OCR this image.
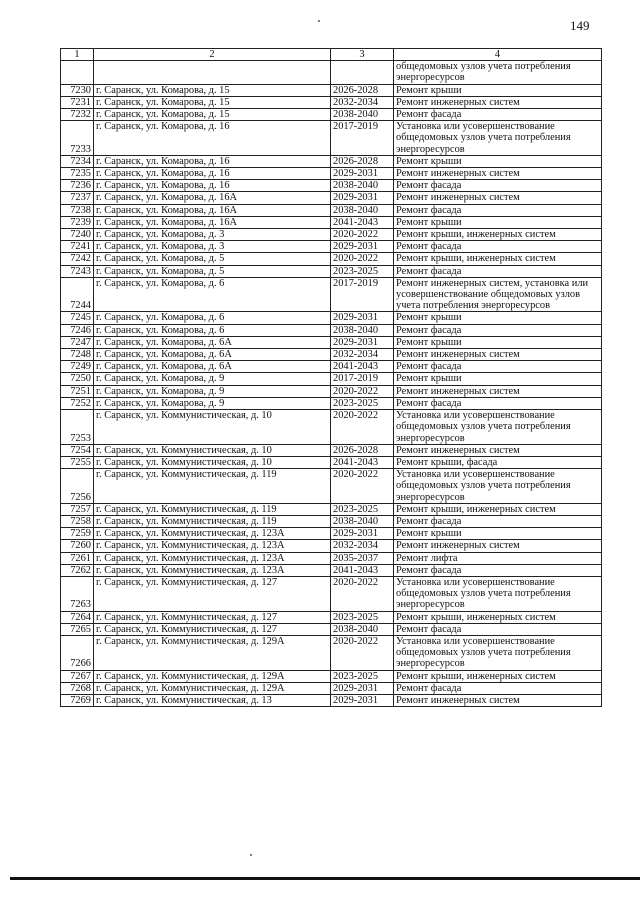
149
1	2	3	4
			общедомовых узлов учета потребления энергоресурсов
7230	г. Саранск, ул. Комарова, д. 15	2026-2028	Ремонт крыши
7231	г. Саранск, ул. Комарова, д. 15	2032-2034	Ремонт инженерных систем
7232	г. Саранск, ул. Комарова, д. 15	2038-2040	Ремонт фасада
7233	г. Саранск, ул. Комарова, д. 16	2017-2019	Установка или усовершенствование общедомовых узлов учета потребления энергоресурсов
7234	г. Саранск, ул. Комарова, д. 16	2026-2028	Ремонт крыши
7235	г. Саранск, ул. Комарова, д. 16	2029-2031	Ремонт инженерных систем
7236	г. Саранск, ул. Комарова, д. 16	2038-2040	Ремонт фасада
7237	г. Саранск, ул. Комарова, д. 16А	2029-2031	Ремонт инженерных систем
7238	г. Саранск, ул. Комарова, д. 16А	2038-2040	Ремонт фасада
7239	г. Саранск, ул. Комарова, д. 16А	2041-2043	Ремонт крыши
7240	г. Саранск, ул. Комарова, д. 3	2020-2022	Ремонт крыши, инженерных систем
7241	г. Саранск, ул. Комарова, д. 3	2029-2031	Ремонт фасада
7242	г. Саранск, ул. Комарова, д. 5	2020-2022	Ремонт крыши, инженерных систем
7243	г. Саранск, ул. Комарова, д. 5	2023-2025	Ремонт фасада
7244	г. Саранск, ул. Комарова, д. 6	2017-2019	Ремонт инженерных систем, установка или усовершенствование общедомовых узлов учета потребления энергоресурсов
7245	г. Саранск, ул. Комарова, д. 6	2029-2031	Ремонт крыши
7246	г. Саранск, ул. Комарова, д. 6	2038-2040	Ремонт фасада
7247	г. Саранск, ул. Комарова, д. 6А	2029-2031	Ремонт крыши
7248	г. Саранск, ул. Комарова, д. 6А	2032-2034	Ремонт инженерных систем
7249	г. Саранск, ул. Комарова, д. 6А	2041-2043	Ремонт фасада
7250	г. Саранск, ул. Комарова, д. 9	2017-2019	Ремонт крыши
7251	г. Саранск, ул. Комарова, д. 9	2020-2022	Ремонт инженерных систем
7252	г. Саранск, ул. Комарова, д. 9	2023-2025	Ремонт фасада
7253	г. Саранск, ул. Коммунистическая, д. 10	2020-2022	Установка или усовершенствование общедомовых узлов учета потребления энергоресурсов
7254	г. Саранск, ул. Коммунистическая, д. 10	2026-2028	Ремонт инженерных систем
7255	г. Саранск, ул. Коммунистическая, д. 10	2041-2043	Ремонт крыши, фасада
7256	г. Саранск, ул. Коммунистическая, д. 119	2020-2022	Установка или усовершенствование общедомовых узлов учета потребления энергоресурсов
7257	г. Саранск, ул. Коммунистическая, д. 119	2023-2025	Ремонт крыши, инженерных систем
7258	г. Саранск, ул. Коммунистическая, д. 119	2038-2040	Ремонт фасада
7259	г. Саранск, ул. Коммунистическая, д. 123А	2029-2031	Ремонт крыши
7260	г. Саранск, ул. Коммунистическая, д. 123А	2032-2034	Ремонт инженерных систем
7261	г. Саранск, ул. Коммунистическая, д. 123А	2035-2037	Ремонт лифта
7262	г. Саранск, ул. Коммунистическая, д. 123А	2041-2043	Ремонт фасада
7263	г. Саранск, ул. Коммунистическая, д. 127	2020-2022	Установка или усовершенствование общедомовых узлов учета потребления энергоресурсов
7264	г. Саранск, ул. Коммунистическая, д. 127	2023-2025	Ремонт крыши, инженерных систем
7265	г. Саранск, ул. Коммунистическая, д. 127	2038-2040	Ремонт фасада
7266	г. Саранск, ул. Коммунистическая, д. 129А	2020-2022	Установка или усовершенствование общедомовых узлов учета потребления энергоресурсов
7267	г. Саранск, ул. Коммунистическая, д. 129А	2023-2025	Ремонт крыши, инженерных систем
7268	г. Саранск, ул. Коммунистическая, д. 129А	2029-2031	Ремонт фасада
7269	г. Саранск, ул. Коммунистическая, д. 13	2029-2031	Ремонт инженерных систем
